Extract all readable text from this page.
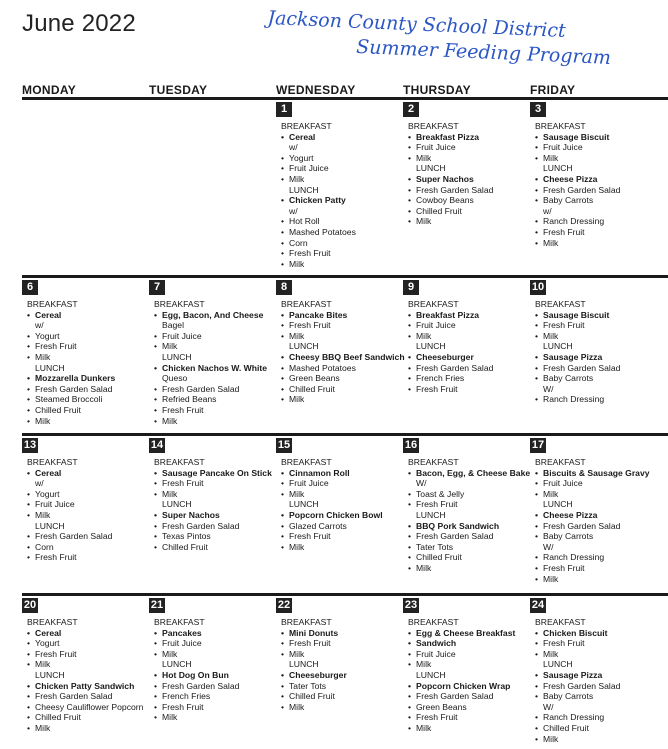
June 2022	Jackson County School District
Summer Feeding Program
MONDAY	TUESDAY	WEDNESDAY	THURSDAY	FRIDAY
1
BREAKFAST
• Cereal
w/
• Yogurt
• Fruit Juice
• Milk
LUNCH
• Chicken Patty
w/
• Hot Roll
• Mashed Potatoes
• Corn
• Fresh Fruit
• Milk
2
BREAKFAST
• Breakfast Pizza
• Fruit Juice
• Milk
LUNCH
• Super Nachos
• Fresh Garden Salad
• Cowboy Beans
• Chilled Fruit
• Milk
3
BREAKFAST
• Sausage Biscuit
• Fruit Juice
• Milk
LUNCH
• Cheese Pizza
• Fresh Garden Salad
• Baby Carrots
w/
• Ranch Dressing
• Fresh Fruit
• Milk
6
BREAKFAST
• Cereal
w/
• Yogurt
• Fresh Fruit
• Milk
LUNCH
• Mozzarella Dunkers
• Fresh Garden Salad
• Steamed Broccoli
• Chilled Fruit
• Milk
7
BREAKFAST
• Egg, Bacon, And Cheese
Bagel
• Fruit Juice
• Milk
LUNCH
• Chicken Nachos W. White
Queso
• Fresh Garden Salad
• Refried Beans
• Fresh Fruit
• Milk
8
BREAKFAST
• Pancake Bites
• Fresh Fruit
• Milk
LUNCH
• Cheesy BBQ Beef Sandwich
• Mashed Potatoes
• Green Beans
• Chilled Fruit
• Milk
9
BREAKFAST
• Breakfast Pizza
• Fruit Juice
• Milk
LUNCH
• Cheeseburger
• Fresh Garden Salad
• French Fries
• Fresh Fruit
10
BREAKFAST
• Sausage Biscuit
• Fresh Fruit
• Milk
LUNCH
• Sausage Pizza
• Fresh Garden Salad
• Baby Carrots
W/
• Ranch Dressing
13
BREAKFAST
• Cereal
w/
• Yogurt
• Fruit Juice
• Milk
LUNCH
• Fresh Garden Salad
• Corn
• Fresh Fruit
14
BREAKFAST
• Sausage Pancake On Stick
• Fresh Fruit
• Milk
LUNCH
• Super Nachos
• Fresh Garden Salad
• Texas Pintos
• Chilled Fruit
15
BREAKFAST
• Cinnamon Roll
• Fruit Juice
• Milk
LUNCH
• Popcorn Chicken Bowl
• Glazed Carrots
• Fresh Fruit
• Milk
16
BREAKFAST
• Bacon, Egg, & Cheese Bake
W/
• Toast & Jelly
• Fresh Fruit
LUNCH
• BBQ Pork Sandwich
• Fresh Garden Salad
• Tater Tots
• Chilled Fruit
• Milk
17
BREAKFAST
• Biscuits & Sausage Gravy
• Fruit Juice
• Milk
LUNCH
• Cheese Pizza
• Fresh Garden Salad
• Baby Carrots
W/
• Ranch Dressing
• Fresh Fruit
• Milk
20
BREAKFAST
• Cereal
• Yogurt
• Fresh Fruit
• Milk
LUNCH
• Chicken Patty Sandwich
• Fresh Garden Salad
• Cheesy Cauliflower Popcorn
• Chilled Fruit
• Milk
21
BREAKFAST
• Pancakes
• Fruit Juice
• Milk
LUNCH
• Hot Dog On Bun
• Fresh Garden Salad
• French Fries
• Fresh Fruit
• Milk
22
BREAKFAST
• Mini Donuts
• Fresh Fruit
• Milk
LUNCH
• Cheeseburger
• Tater Tots
• Chilled Fruit
• Milk
23
BREAKFAST
• Egg & Cheese Breakfast
• Sandwich
• Fruit Juice
• Milk
LUNCH
• Popcorn Chicken Wrap
• Fresh Garden Salad
• Green Beans
• Fresh Fruit
• Milk
24
BREAKFAST
• Chicken Biscuit
• Fresh Fruit
• Milk
LUNCH
• Sausage Pizza
• Fresh Garden Salad
• Baby Carrots
W/
• Ranch Dressing
• Chilled Fruit
• Milk
